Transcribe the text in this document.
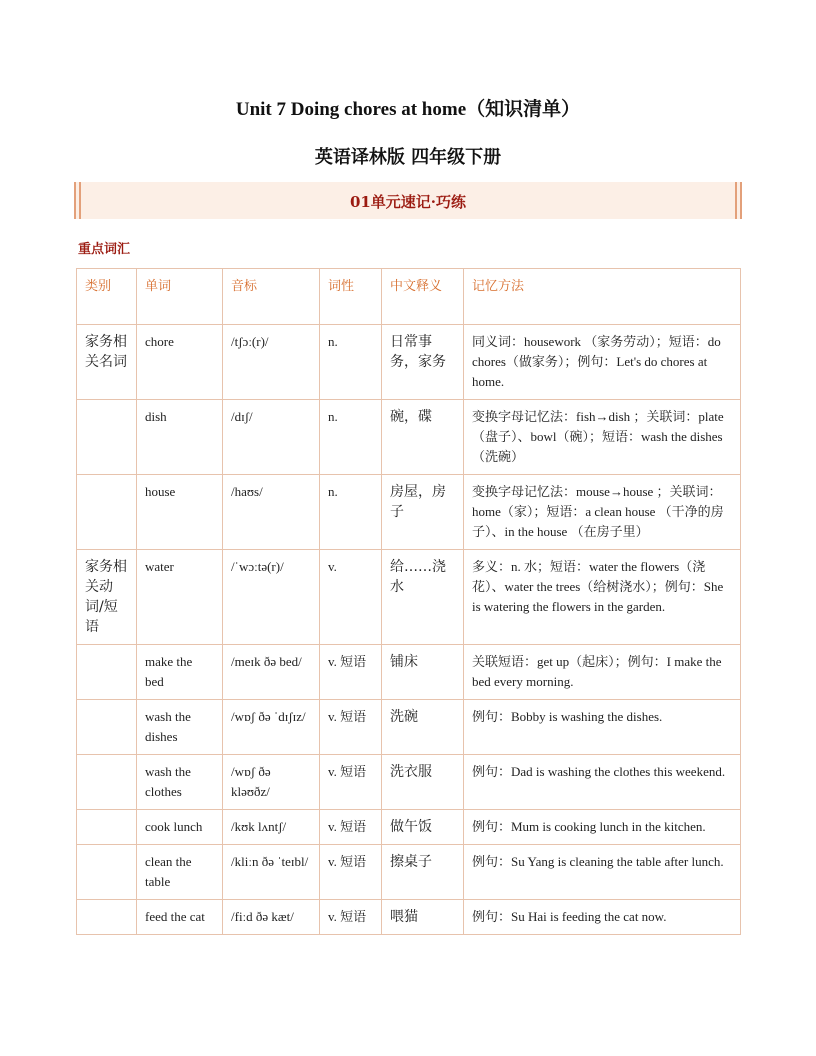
Unit 7 Doing chores at home（知识清单）
英语译林版 四年级下册
01单元速记·巧练
重点词汇
类别	单词	音标	词性	中文释义	记忆方法
家务相关名词	chore	/tʃɔː(r)/	n.	日常事务，家务	同义词：housework （家务劳动）；短语：do chores（做家务）；例句：Let's do chores at home.
	dish	/dɪʃ/	n.	碗，碟	变换字母记忆法：fish→dish ；关联词：plate（盘子）、bowl（碗）；短语：wash the dishes （洗碗）
	house	/haʊs/	n.	房屋，房子	变换字母记忆法：mouse→house ；关联词：home（家）；短语：a clean house （干净的房子）、in the house （在房子里）
家务相关动词/短语	water	/ˈwɔːtə(r)/	v.	给……浇水	多义：n. 水；短语：water the flowers（浇花）、water the trees（给树浇水）；例句：She is watering the flowers in the garden.
	make the bed	/meɪk ðə bed/	v. 短语	铺床	关联短语：get up（起床）；例句：I make the bed every morning.
	wash the dishes	/wɒʃ ðə ˈdɪʃɪz/	v. 短语	洗碗	例句：Bobby is washing the dishes.
	wash the clothes	/wɒʃ ðə kləʊðz/	v. 短语	洗衣服	例句：Dad is washing the clothes this weekend.
	cook lunch	/kʊk lʌntʃ/	v. 短语	做午饭	例句：Mum is cooking lunch in the kitchen.
	clean the table	/kliːn ðə ˈteɪbl/	v. 短语	擦桌子	例句：Su Yang is cleaning the table after lunch.
	feed the cat	/fiːd ðə kæt/	v. 短语	喂猫	例句：Su Hai is feeding the cat now.
